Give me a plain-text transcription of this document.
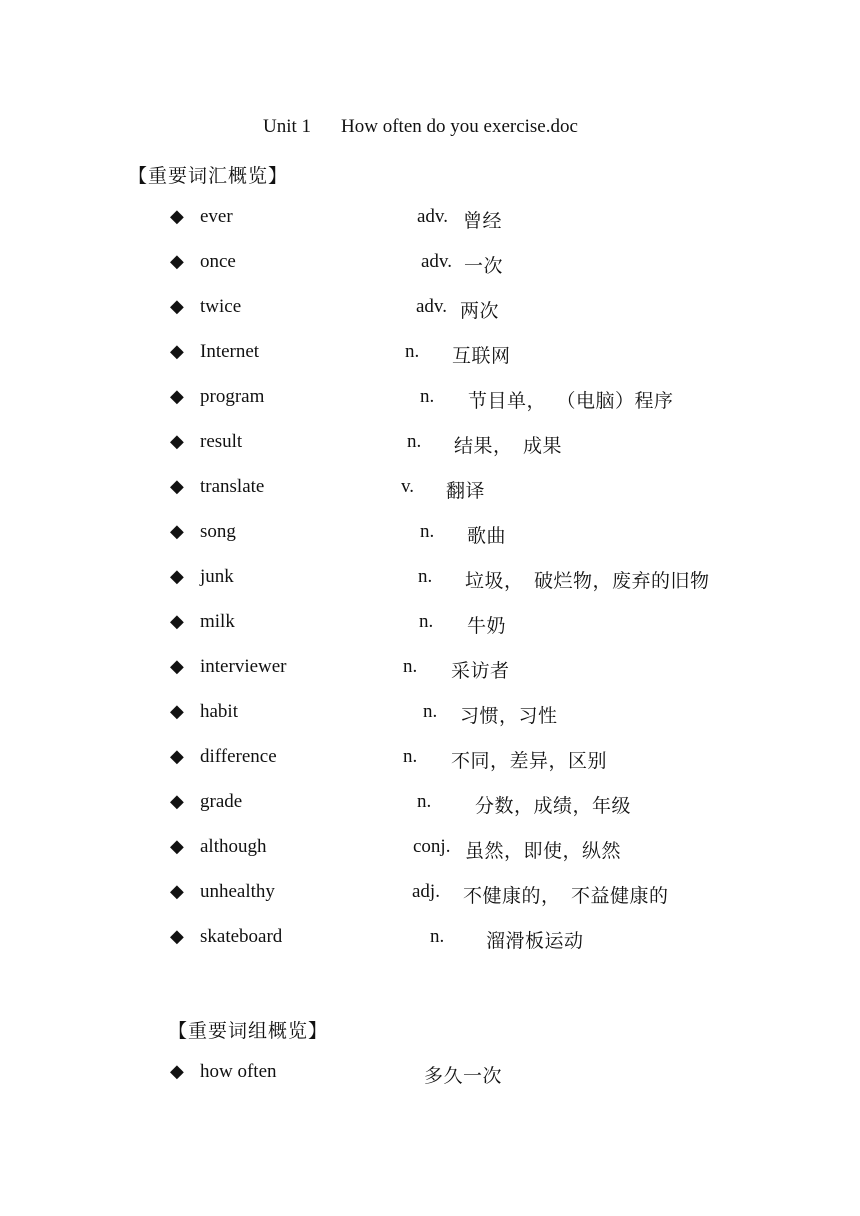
Unit 1 How often do you exercise.doc
【重要词汇概览】
◆ ever	adv. 曾经
◆ once	adv. 一次
◆ twice	adv. 两次
◆ Internet	n. 互联网
◆ program	n. 节目单，  （电脑）程序
◆ result	n. 结果，  成果
◆ translate	v. 翻译
◆ song	n. 歌曲
◆ junk	n. 垃圾，  破烂物，废弃的旧物
◆ milk	n. 牛奶
◆ interviewer	n. 采访者
◆ habit	n. 习惯，习性
◆ difference	n. 不同，差异，区别
◆ grade	n. 分数，成绩，年级
◆ although	conj. 虽然，即使，纵然
◆ unhealthy	adj. 不健康的，  不益健康的
◆ skateboard	n. 溜滑板运动
【重要词组概览】
◆ how often	多久一次
